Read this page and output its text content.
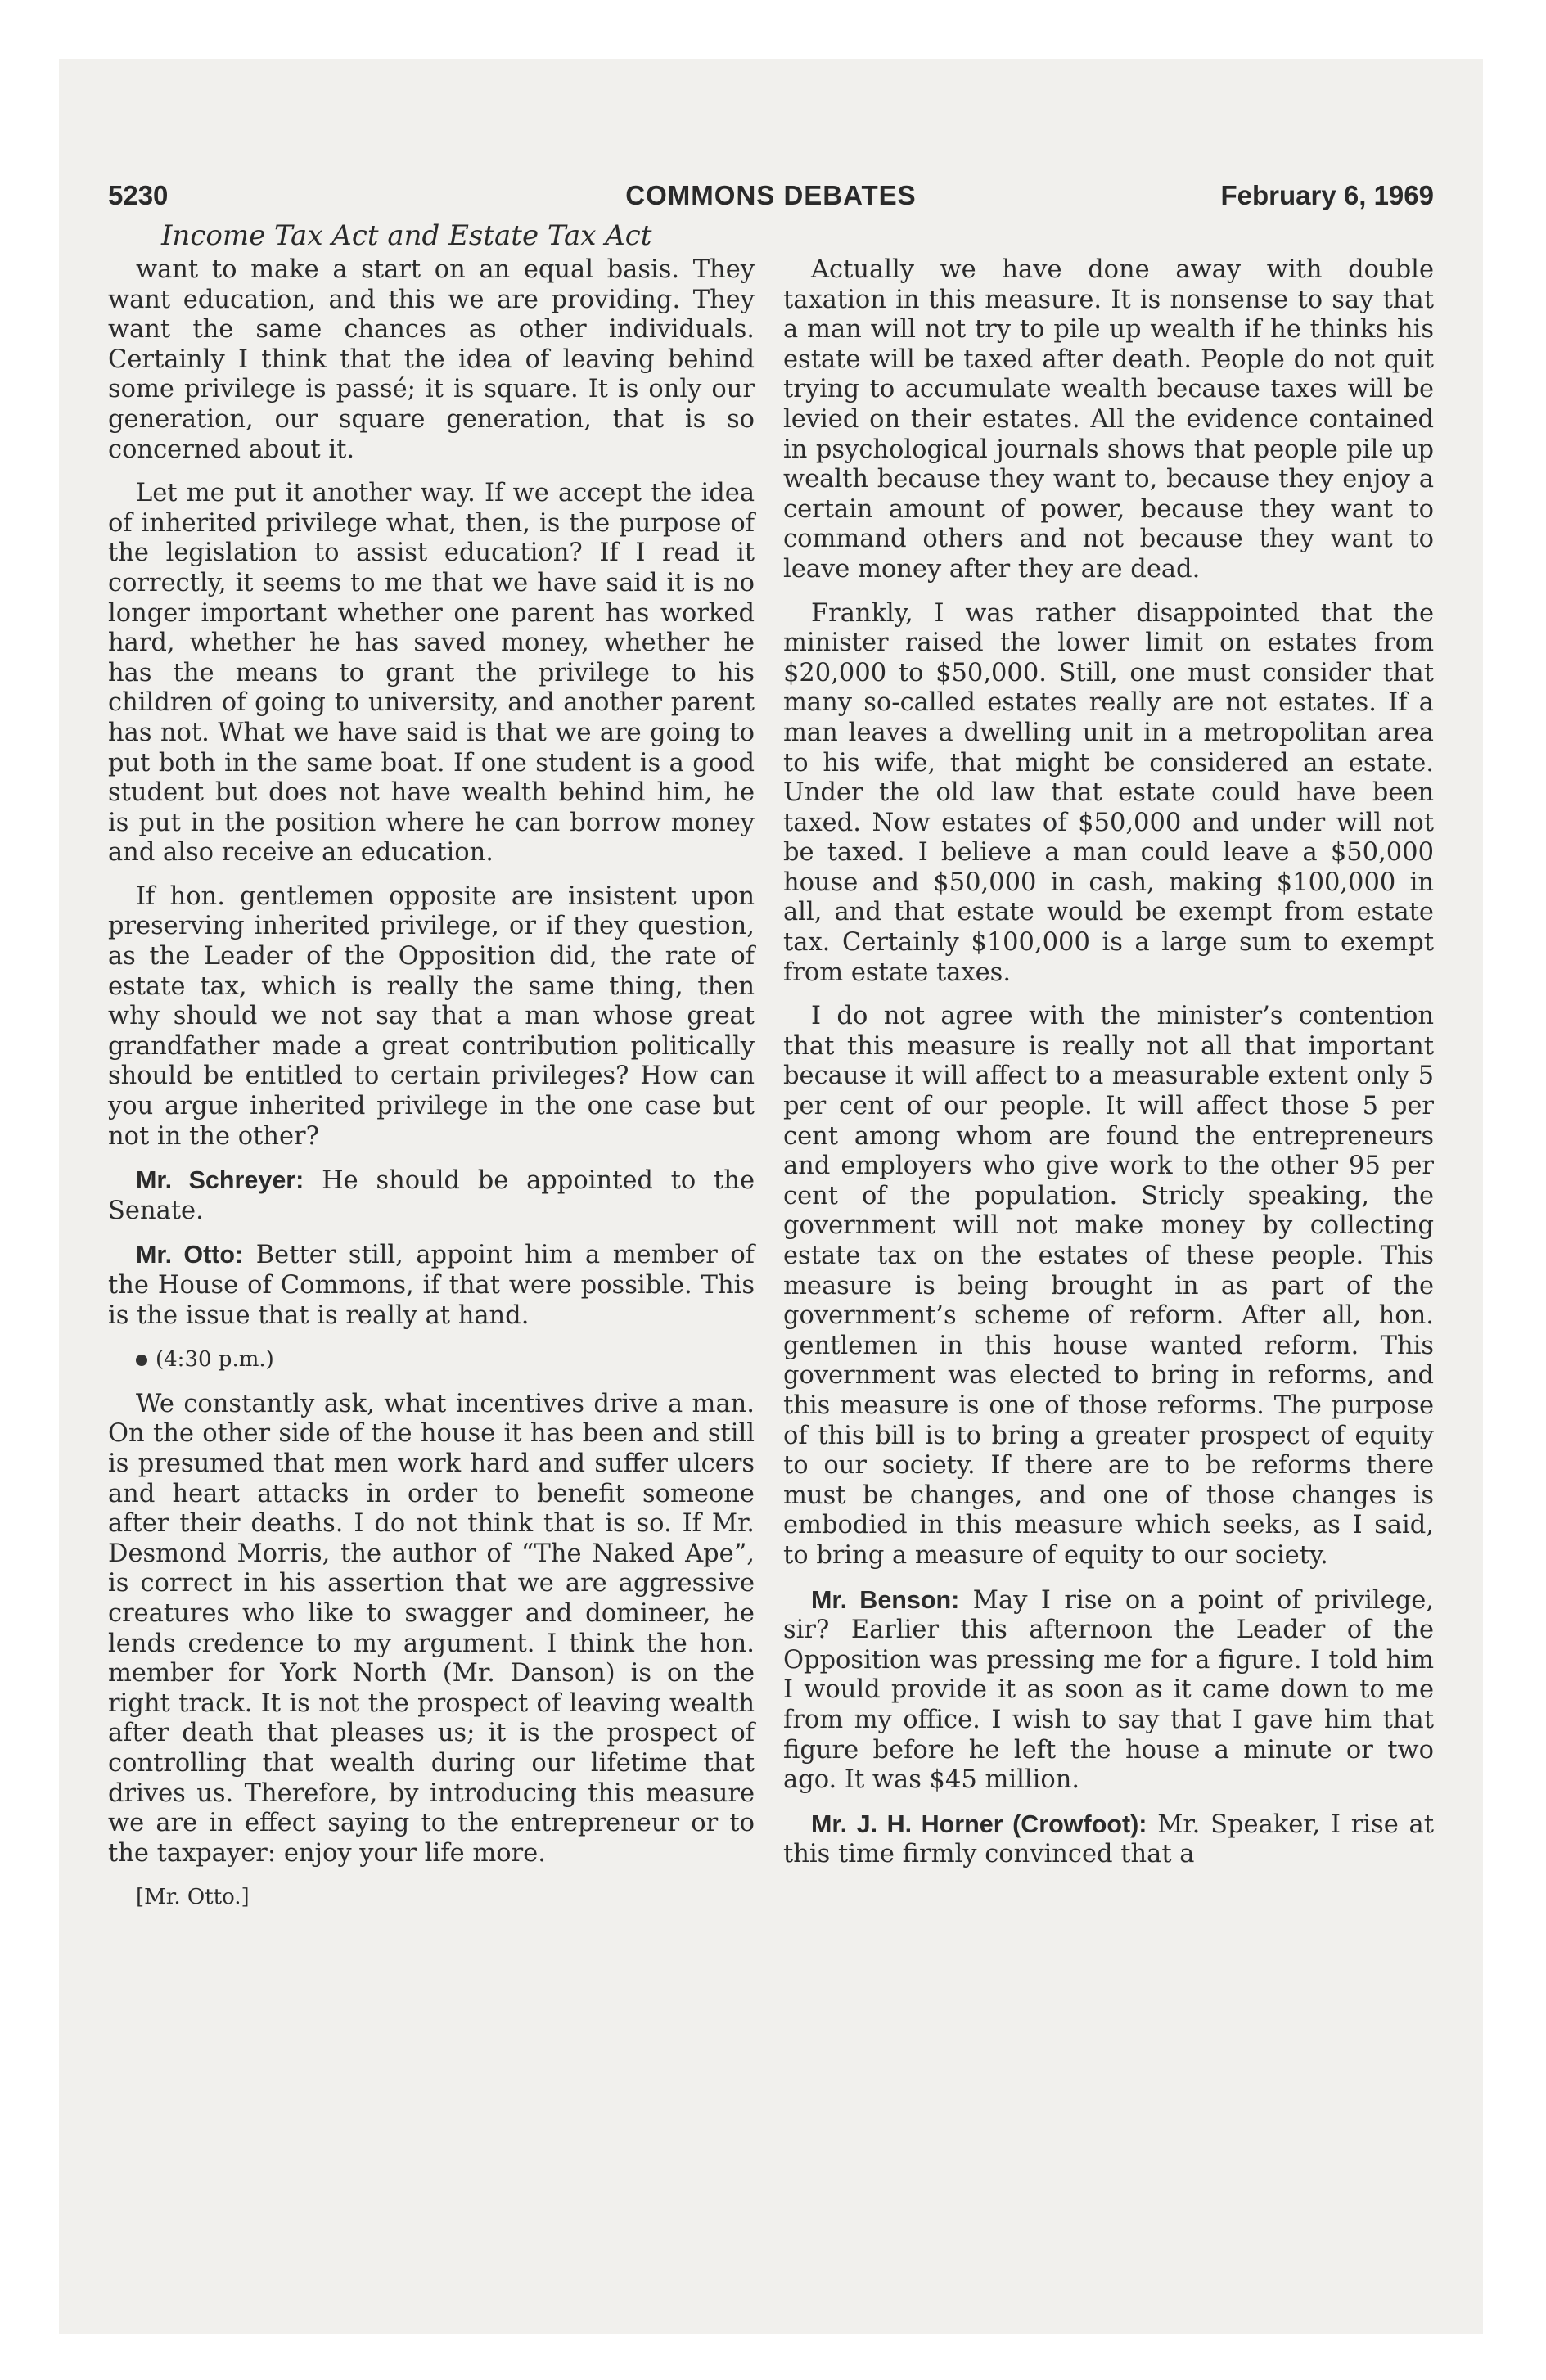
5230	COMMONS DEBATES	February 6, 1969
Income Tax Act and Estate Tax Act

want to make a start on an equal basis. They want education, and this we are providing. They want the same chances as other individuals. Certainly I think that the idea of leaving behind some privilege is passé; it is square. It is only our generation, our square generation, that is so concerned about it.

Let me put it another way. If we accept the idea of inherited privilege what, then, is the purpose of the legislation to assist education? If I read it correctly, it seems to me that we have said it is no longer important whether one parent has worked hard, whether he has saved money, whether he has the means to grant the privilege to his children of going to university, and another parent has not. What we have said is that we are going to put both in the same boat. If one student is a good student but does not have wealth behind him, he is put in the position where he can borrow money and also receive an education.

If hon. gentlemen opposite are insistent upon preserving inherited privilege, or if they question, as the Leader of the Opposition did, the rate of estate tax, which is really the same thing, then why should we not say that a man whose great grandfather made a great contribution politically should be entitled to certain privileges? How can you argue inherited privilege in the one case but not in the other?

Mr. Schreyer: He should be appointed to the Senate.

Mr. Otto: Better still, appoint him a member of the House of Commons, if that were possible. This is the issue that is really at hand.

(4:30 p.m.)

We constantly ask, what incentives drive a man. On the other side of the house it has been and still is presumed that men work hard and suffer ulcers and heart attacks in order to benefit someone after their deaths. I do not think that is so. If Mr. Desmond Morris, the author of “The Naked Ape”, is correct in his assertion that we are aggressive creatures who like to swagger and domineer, he lends credence to my argument. I think the hon. member for York North (Mr. Danson) is on the right track. It is not the prospect of leaving wealth after death that pleases us; it is the prospect of controlling that wealth during our lifetime that drives us. Therefore, by introducing this measure we are in effect saying to the entrepreneur or to the taxpayer: enjoy your life more.

[Mr. Otto.]

Actually we have done away with double taxation in this measure. It is nonsense to say that a man will not try to pile up wealth if he thinks his estate will be taxed after death. People do not quit trying to accumulate wealth because taxes will be levied on their estates. All the evidence contained in psychological journals shows that people pile up wealth because they want to, because they enjoy a certain amount of power, because they want to command others and not because they want to leave money after they are dead.

Frankly, I was rather disappointed that the minister raised the lower limit on estates from $20,000 to $50,000. Still, one must consider that many so-called estates really are not estates. If a man leaves a dwelling unit in a metropolitan area to his wife, that might be considered an estate. Under the old law that estate could have been taxed. Now estates of $50,000 and under will not be taxed. I believe a man could leave a $50,000 house and $50,000 in cash, making $100,000 in all, and that estate would be exempt from estate tax. Certainly $100,000 is a large sum to exempt from estate taxes.

I do not agree with the minister’s contention that this measure is really not all that important because it will affect to a measurable extent only 5 per cent of our people. It will affect those 5 per cent among whom are found the entrepreneurs and employers who give work to the other 95 per cent of the population. Stricly speaking, the government will not make money by collecting estate tax on the estates of these people. This measure is being brought in as part of the government’s scheme of reform. After all, hon. gentlemen in this house wanted reform. This government was elected to bring in reforms, and this measure is one of those reforms. The purpose of this bill is to bring a greater prospect of equity to our society. If there are to be reforms there must be changes, and one of those changes is embodied in this measure which seeks, as I said, to bring a measure of equity to our society.

Mr. Benson: May I rise on a point of privilege, sir? Earlier this afternoon the Leader of the Opposition was pressing me for a figure. I told him I would provide it as soon as it came down to me from my office. I wish to say that I gave him that figure before he left the house a minute or two ago. It was $45 million.

Mr. J. H. Horner (Crowfoot): Mr. Speaker, I rise at this time firmly convinced that a
